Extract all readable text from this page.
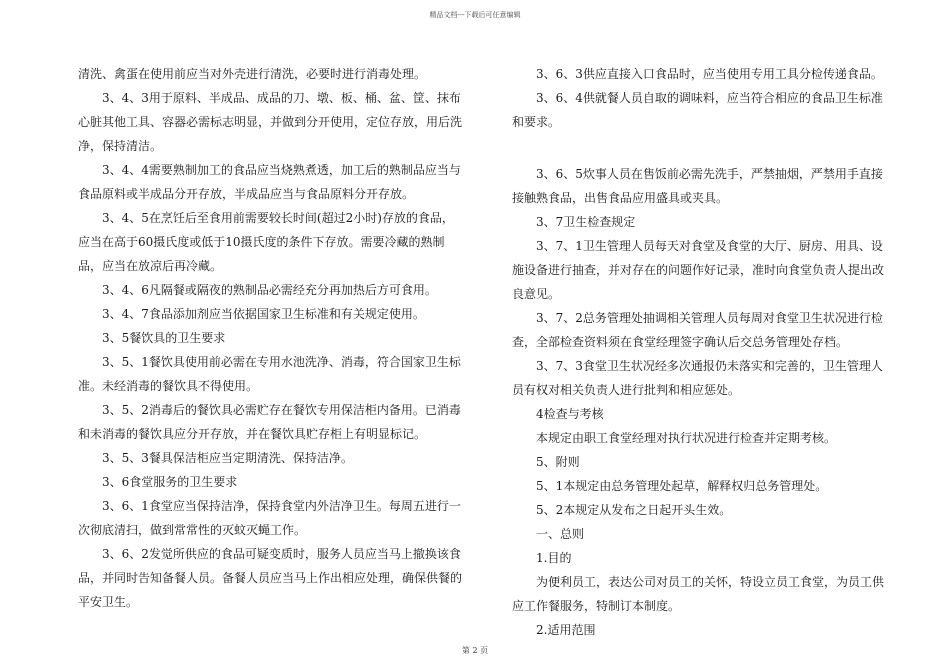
精品文档---下载后可任意编辑

清洗、禽蛋在使用前应当对外壳进行清洗，必要时进行消毒处理。

3、4、3用于原料、半成品、成品的刀、墩、板、桶、盆、筐、抹布心脏其他工具、容器必需标志明显，并做到分开使用，定位存放，用后洗净，保持清洁。

3、4、4需要熟制加工的食品应当烧熟煮透，加工后的熟制品应当与食品原料或半成品分开存放，半成品应当与食品原料分开存放。

3、4、5在烹饪后至食用前需要较长时间(超过2小时)存放的食品，应当在高于60摄氏度或低于10摄氏度的条件下存放。需要冷藏的熟制品，应当在放凉后再冷藏。

3、4、6凡隔餐或隔夜的熟制品必需经充分再加热后方可食用。

3、4、7食品添加剂应当依据国家卫生标准和有关规定使用。

3、5餐饮具的卫生要求

3、5、1餐饮具使用前必需在专用水池洗净、消毒，符合国家卫生标准。未经消毒的餐饮具不得使用。

3、5、2消毒后的餐饮具必需贮存在餐饮专用保洁柜内备用。已消毒和未消毒的餐饮具应分开存放，并在餐饮具贮存柜上有明显标记。

3、5、3餐具保洁柜应当定期清洗、保持洁净。

3、6食堂服务的卫生要求

3、6、1食堂应当保持洁净，保持食堂内外洁净卫生。每周五进行一次彻底清扫，做到常常性的灭蚊灭蝇工作。

3、6、2发觉所供应的食品可疑变质时，服务人员应当马上撤换该食品，并同时告知备餐人员。备餐人员应当马上作出相应处理，确保供餐的平安卫生。

3、6、3供应直接入口食品时，应当使用专用工具分检传递食品。

3、6、4供就餐人员自取的调味料，应当符合相应的食品卫生标准和要求。

3、6、5炊事人员在售饭前必需先洗手，严禁抽烟，严禁用手直接接触熟食品，出售食品应用盛具或夹具。

3、7卫生检查规定

3、7、1卫生管理人员每天对食堂及食堂的大厅、厨房、用具、设施设备进行抽查，并对存在的问题作好记录，准时向食堂负责人提出改良意见。

3、7、2总务管理处抽调相关管理人员每周对食堂卫生状况进行检查，全部检查资料须在食堂经理签字确认后交总务管理处存档。

3、7、3食堂卫生状况经多次通报仍未落实和完善的，卫生管理人员有权对相关负责人进行批判和相应惩处。

4检查与考核

本规定由职工食堂经理对执行状况进行检查并定期考核。

5、附则

5、1本规定由总务管理处起草，解释权归总务管理处。

5、2本规定从发布之日起开头生效。

一、总则

1.目的

为便利员工，表达公司对员工的关怀，特设立员工食堂，为员工供应工作餐服务，特制订本制度。

2.适用范围

第 2 页
